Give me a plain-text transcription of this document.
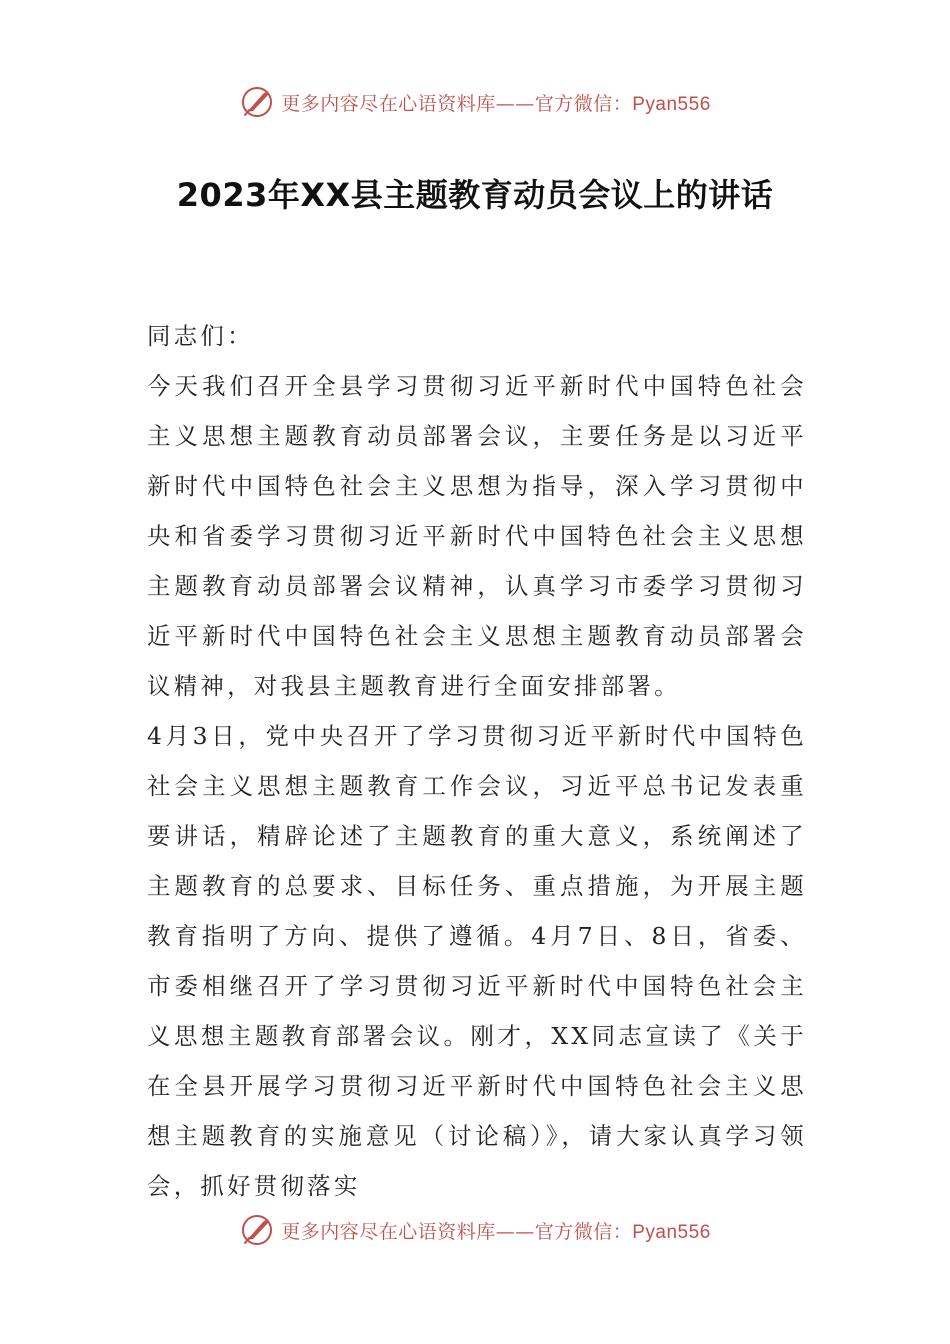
更多内容尽在心语资料库——官方微信：Pyan556
2023年XX县主题教育动员会议上的讲话

同志们：

今天我们召开全县学习贯彻习近平新时代中国特色社会主义思想主题教育动员部署会议，主要任务是以习近平新时代中国特色社会主义思想为指导，深入学习贯彻中央和省委学习贯彻习近平新时代中国特色社会主义思想主题教育动员部署会议精神，认真学习市委学习贯彻习近平新时代中国特色社会主义思想主题教育动员部署会议精神，对我县主题教育进行全面安排部署。

4月3日，党中央召开了学习贯彻习近平新时代中国特色社会主义思想主题教育工作会议，习近平总书记发表重要讲话，精辟论述了主题教育的重大意义，系统阐述了主题教育的总要求、目标任务、重点措施，为开展主题教育指明了方向、提供了遵循。4月7日、8日，省委、市委相继召开了学习贯彻习近平新时代中国特色社会主义思想主题教育部署会议。刚才，XX同志宣读了《关于在全县开展学习贯彻习近平新时代中国特色社会主义思想主题教育的实施意见（讨论稿）》，请大家认真学习领会，抓好贯彻落实

更多内容尽在心语资料库——官方微信：Pyan556
